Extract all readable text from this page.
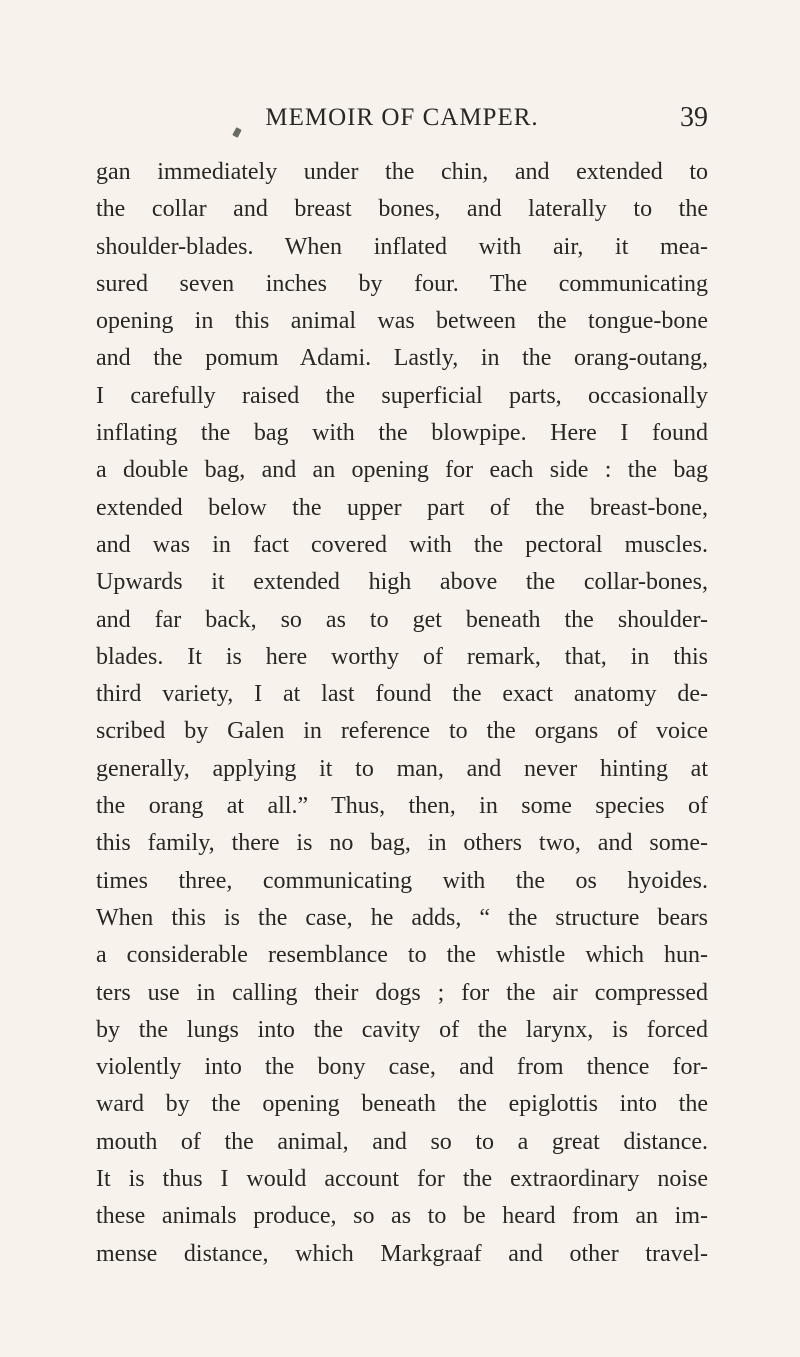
MEMOIR OF CAMPER.	39
gan immediately under the chin, and extended to
the collar and breast bones, and laterally to the
shoulder-blades. When inflated with air, it mea-
sured seven inches by four. The communicating
opening in this animal was between the tongue-bone
and the pomum Adami. Lastly, in the orang-outang,
I carefully raised the superficial parts, occasionally
inflating the bag with the blowpipe. Here I found
a double bag, and an opening for each side : the bag
extended below the upper part of the breast-bone,
and was in fact covered with the pectoral muscles.
Upwards it extended high above the collar-bones,
and far back, so as to get beneath the shoulder-
blades. It is here worthy of remark, that, in this
third variety, I at last found the exact anatomy de-
scribed by Galen in reference to the organs of voice
generally, applying it to man, and never hinting at
the orang at all.” Thus, then, in some species of
this family, there is no bag, in others two, and some-
times three, communicating with the os hyoides.
When this is the case, he adds, “ the structure bears
a considerable resemblance to the whistle which hun-
ters use in calling their dogs ; for the air compressed
by the lungs into the cavity of the larynx, is forced
violently into the bony case, and from thence for-
ward by the opening beneath the epiglottis into the
mouth of the animal, and so to a great distance.
It is thus I would account for the extraordinary noise
these animals produce, so as to be heard from an im-
mense distance, which Markgraaf and other travel-
